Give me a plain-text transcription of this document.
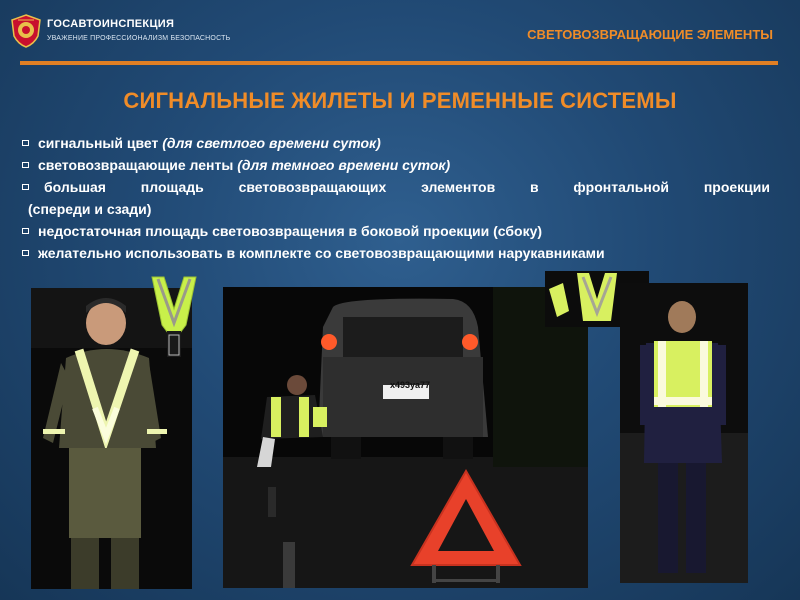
ГОСАВТОИНСПЕКЦИЯ
УВАЖЕНИЕ ПРОФЕССИОНАЛИЗМ БЕЗОПАСНОСТЬ	СВЕТОВОЗВРАЩАЮЩИЕ ЭЛЕМЕНТЫ
СИГНАЛЬНЫЕ ЖИЛЕТЫ И РЕМЕННЫЕ СИСТЕМЫ
сигнальный цвет (для светлого времени суток)
световозвращающие ленты (для темного времени суток)
большая площадь световозвращающих элементов в фронтальной проекции
(спереди и сзади)
недостаточная площадь световозвращения в боковой проекции (сбоку)
желательно использовать в комплекте со световозвращающими нарукавниками
х493уа77
